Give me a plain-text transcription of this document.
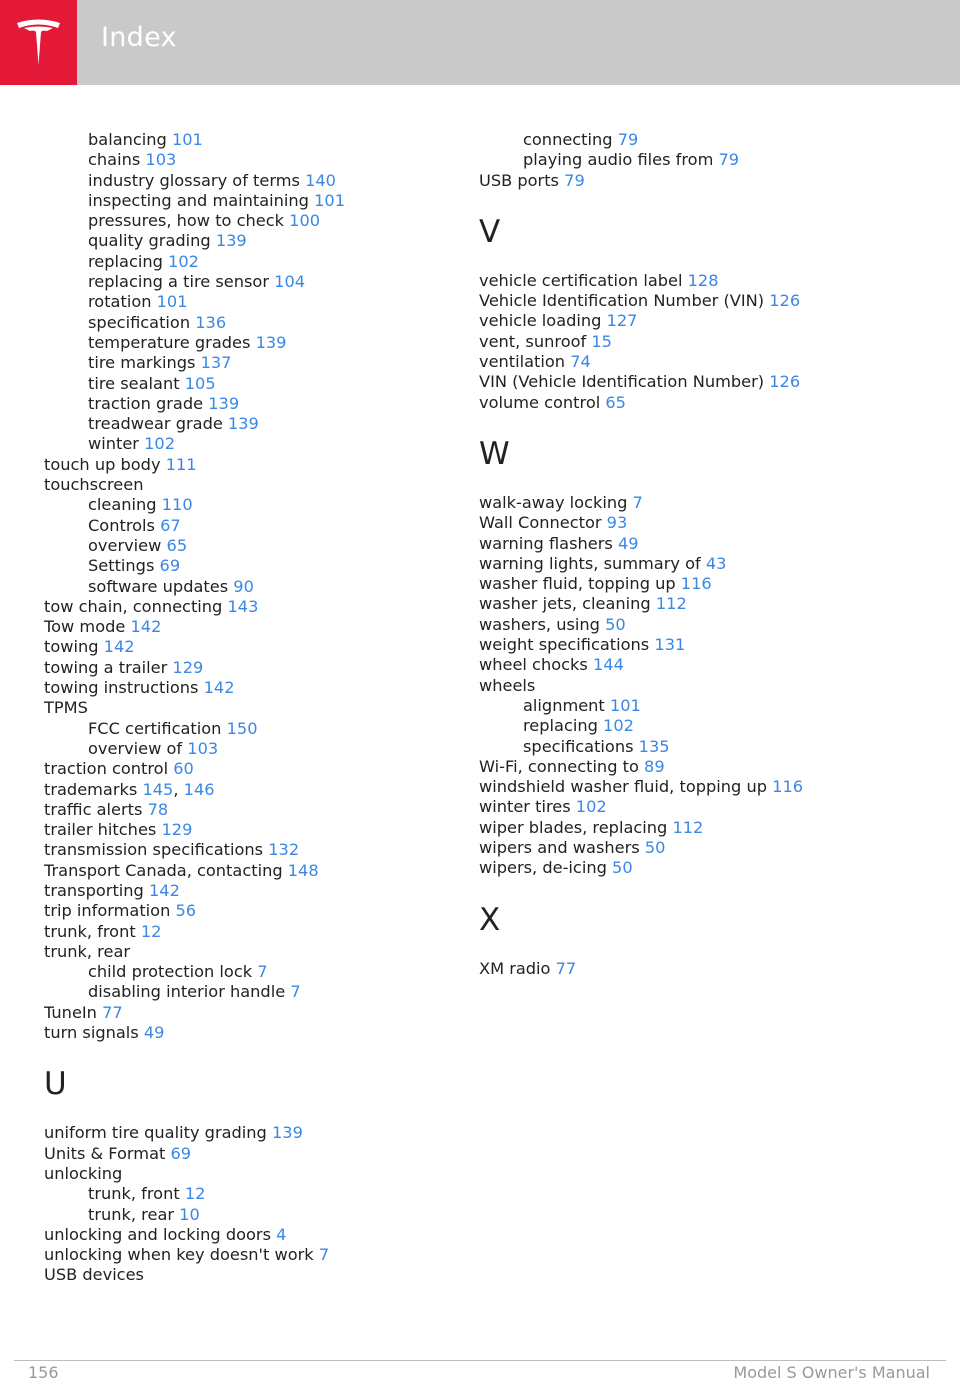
Index
balancing 101
chains 103
industry glossary of terms 140
inspecting and maintaining 101
pressures, how to check 100
quality grading 139
replacing 102
replacing a tire sensor 104
rotation 101
specification 136
temperature grades 139
tire markings 137
tire sealant 105
traction grade 139
treadwear grade 139
winter 102
touch up body 111
touchscreen
cleaning 110
Controls 67
overview 65
Settings 69
software updates 90
tow chain, connecting 143
Tow mode 142
towing 142
towing a trailer 129
towing instructions 142
TPMS
FCC certification 150
overview of 103
traction control 60
trademarks 145, 146
traffic alerts 78
trailer hitches 129
transmission specifications 132
Transport Canada, contacting 148
transporting 142
trip information 56
trunk, front 12
trunk, rear
child protection lock 7
disabling interior handle 7
TuneIn 77
turn signals 49
U
uniform tire quality grading 139
Units & Format 69
unlocking
trunk, front 12
trunk, rear 10
unlocking and locking doors 4
unlocking when key doesn't work 7
USB devices
connecting 79
playing audio files from 79
USB ports 79
V
vehicle certification label 128
Vehicle Identification Number (VIN) 126
vehicle loading 127
vent, sunroof 15
ventilation 74
VIN (Vehicle Identification Number) 126
volume control 65
W
walk-away locking 7
Wall Connector 93
warning flashers 49
warning lights, summary of 43
washer fluid, topping up 116
washer jets, cleaning 112
washers, using 50
weight specifications 131
wheel chocks 144
wheels
alignment 101
replacing 102
specifications 135
Wi-Fi, connecting to 89
windshield washer fluid, topping up 116
winter tires 102
wiper blades, replacing 112
wipers and washers 50
wipers, de-icing 50
X
XM radio 77
156	Model S Owner's Manual
